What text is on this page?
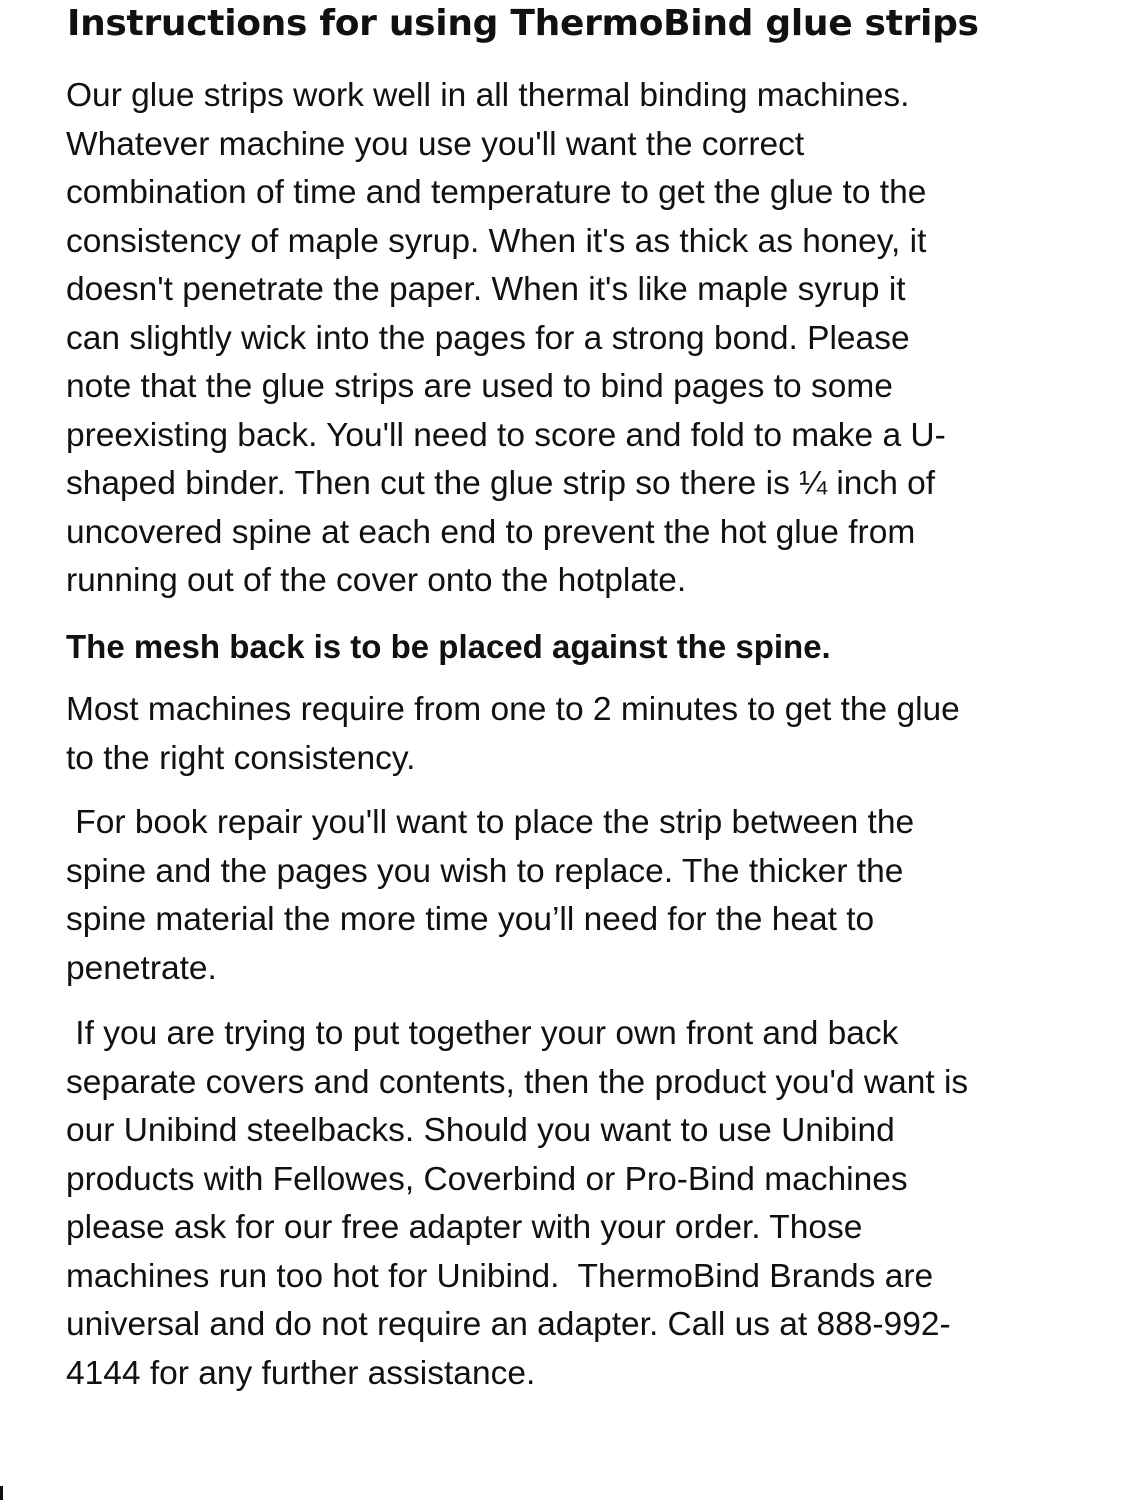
Instructions for using ThermoBind glue strips
Our glue strips work well in all thermal binding machines.
Whatever machine you use you'll want the correct
combination of time and temperature to get the glue to the
consistency of maple syrup. When it's as thick as honey, it
doesn't penetrate the paper. When it's like maple syrup it
can slightly wick into the pages for a strong bond. Please
note that the glue strips are used to bind pages to some
preexisting back. You'll need to score and fold to make a U-
shaped binder. Then cut the glue strip so there is ¼ inch of
uncovered spine at each end to prevent the hot glue from
running out of the cover onto the hotplate.
The mesh back is to be placed against the spine.
Most machines require from one to 2 minutes to get the glue
to the right consistency.
For book repair you'll want to place the strip between the
spine and the pages you wish to replace. The thicker the
spine material the more time you’ll need for the heat to
penetrate.
If you are trying to put together your own front and back
separate covers and contents, then the product you'd want is
our Unibind steelbacks. Should you want to use Unibind
products with Fellowes, Coverbind or Pro-Bind machines
please ask for our free adapter with your order. Those
machines run too hot for Unibind.  ThermoBind Brands are
universal and do not require an adapter. Call us at 888-992-
4144 for any further assistance.
